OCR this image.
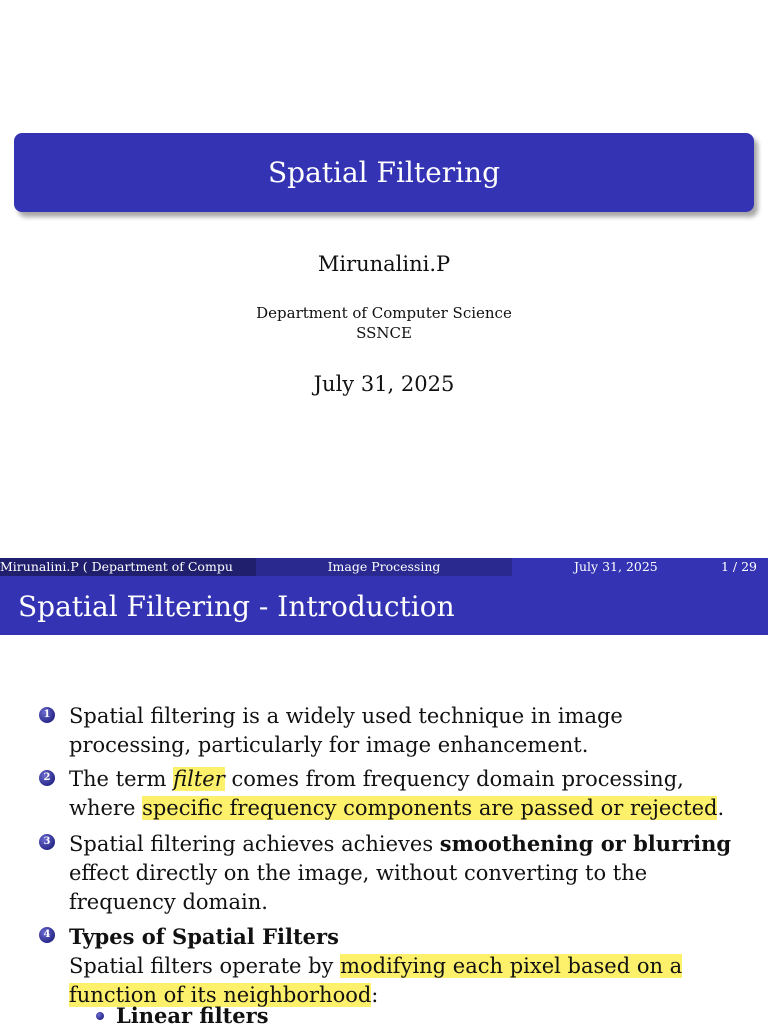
Spatial Filtering
Mirunalini.P
Department of Computer Science
SSNCE
July 31, 2025
Mirunalini.P ( Department of Compu	Image Processing	July 31, 2025	1 / 29
Spatial Filtering - Introduction
1 Spatial filtering is a widely used technique in image processing, particularly for image enhancement.
2 The term filter comes from frequency domain processing, where specific frequency components are passed or rejected.
3 Spatial filtering achieves achieves smoothening or blurring effect directly on the image, without converting to the frequency domain.
4 Types of Spatial Filters
Spatial filters operate by modifying each pixel based on a function of its neighborhood:
Linear filters
